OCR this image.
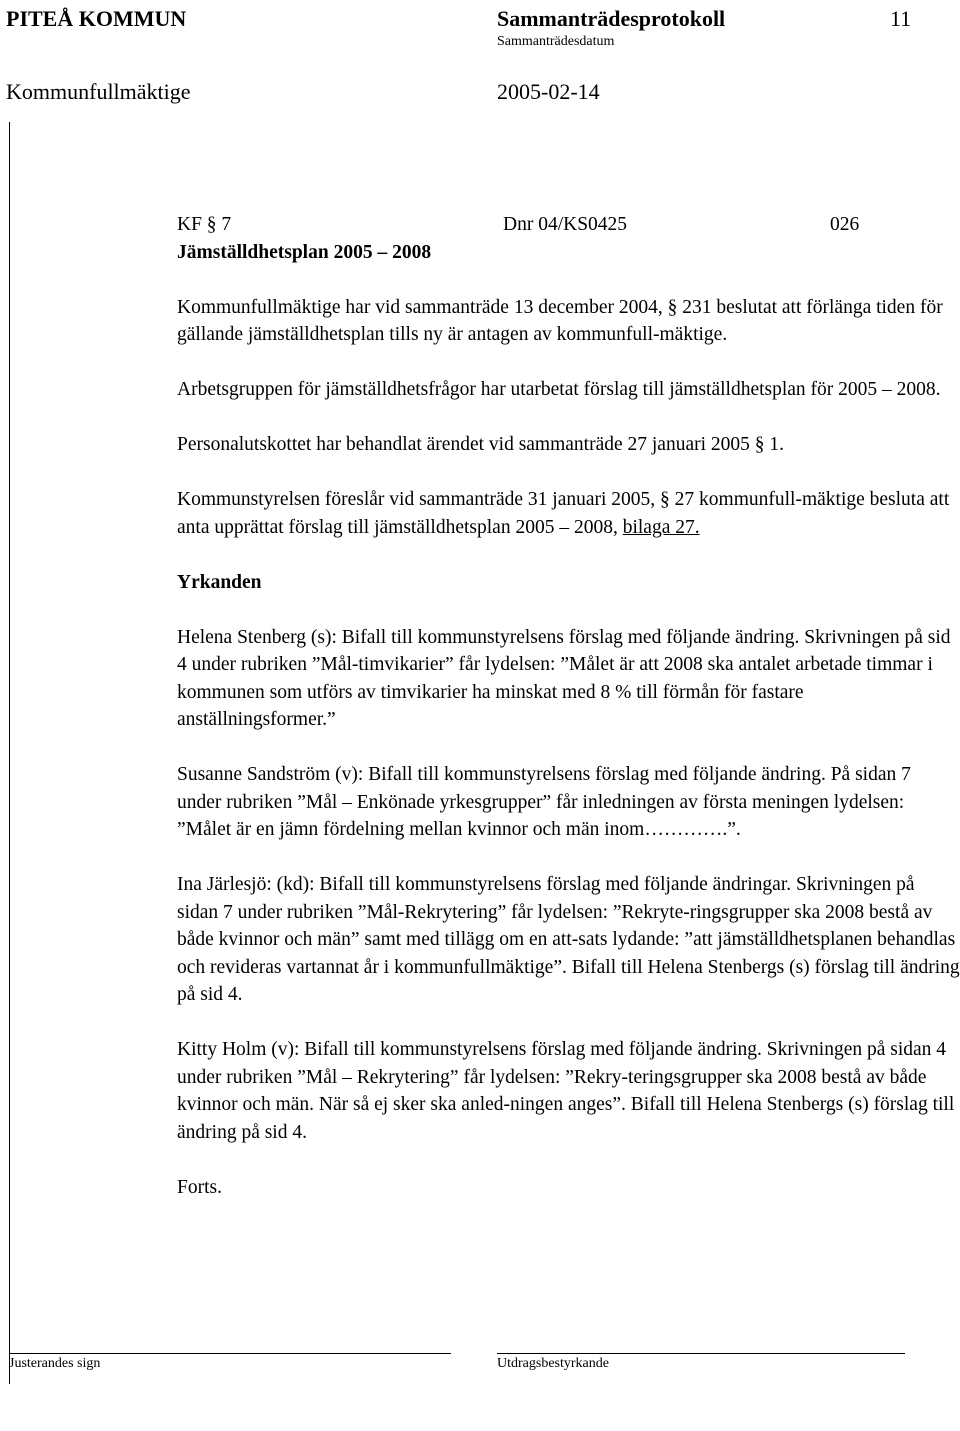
PITEÅ KOMMUN	Sammanträdesprotokoll	11
Sammanträdesdatum
Kommunfullmäktige	2005-02-14
KF § 7	Dnr 04/KS0425	026

Jämställdhetsplan 2005 – 2008

Kommunfullmäktige har vid sammanträde 13 december 2004, § 231 beslutat att förlänga tiden för gällande jämställdhetsplan tills ny är antagen av kommunfull-mäktige.

Arbetsgruppen för jämställdhetsfrågor har utarbetat förslag till jämställdhetsplan för 2005 – 2008.

Personalutskottet har behandlat ärendet vid sammanträde 27 januari 2005 § 1.

Kommunstyrelsen föreslår vid sammanträde 31 januari 2005, § 27 kommunfull-mäktige besluta att anta upprättat förslag till jämställdhetsplan 2005 – 2008, bilaga 27.

Yrkanden

Helena Stenberg (s): Bifall till kommunstyrelsens förslag med följande ändring. Skrivningen på sid 4 under rubriken ”Mål-timvikarier” får lydelsen: ”Målet är att 2008 ska antalet arbetade timmar i kommunen som utförs av timvikarier ha minskat med 8 % till förmån för fastare anställningsformer.”

Susanne Sandström (v): Bifall till kommunstyrelsens förslag med följande ändring. På sidan 7 under rubriken ”Mål – Enkönade yrkesgrupper” får inledningen av första meningen lydelsen: ”Målet är en jämn fördelning mellan kvinnor och män inom………….”.

Ina Järlesjö: (kd): Bifall till kommunstyrelsens förslag med följande ändringar. Skrivningen på sidan 7 under rubriken ”Mål-Rekrytering” får lydelsen: ”Rekryte-ringsgrupper ska 2008 bestå av både kvinnor och män” samt med tillägg om en att-sats lydande: ”att jämställdhetsplanen behandlas och revideras vartannat år i kommunfullmäktige”. Bifall till Helena Stenbergs (s) förslag till ändring på sid 4.

Kitty Holm (v): Bifall till kommunstyrelsens förslag med följande ändring. Skrivningen på sidan 4 under rubriken ”Mål – Rekrytering” får lydelsen: ”Rekry-teringsgrupper ska 2008 bestå av både kvinnor och män. När så ej sker ska anled-ningen anges”. Bifall till Helena Stenbergs (s) förslag till ändring på sid 4.

Forts.

Justerandes sign	Utdragsbestyrkande
